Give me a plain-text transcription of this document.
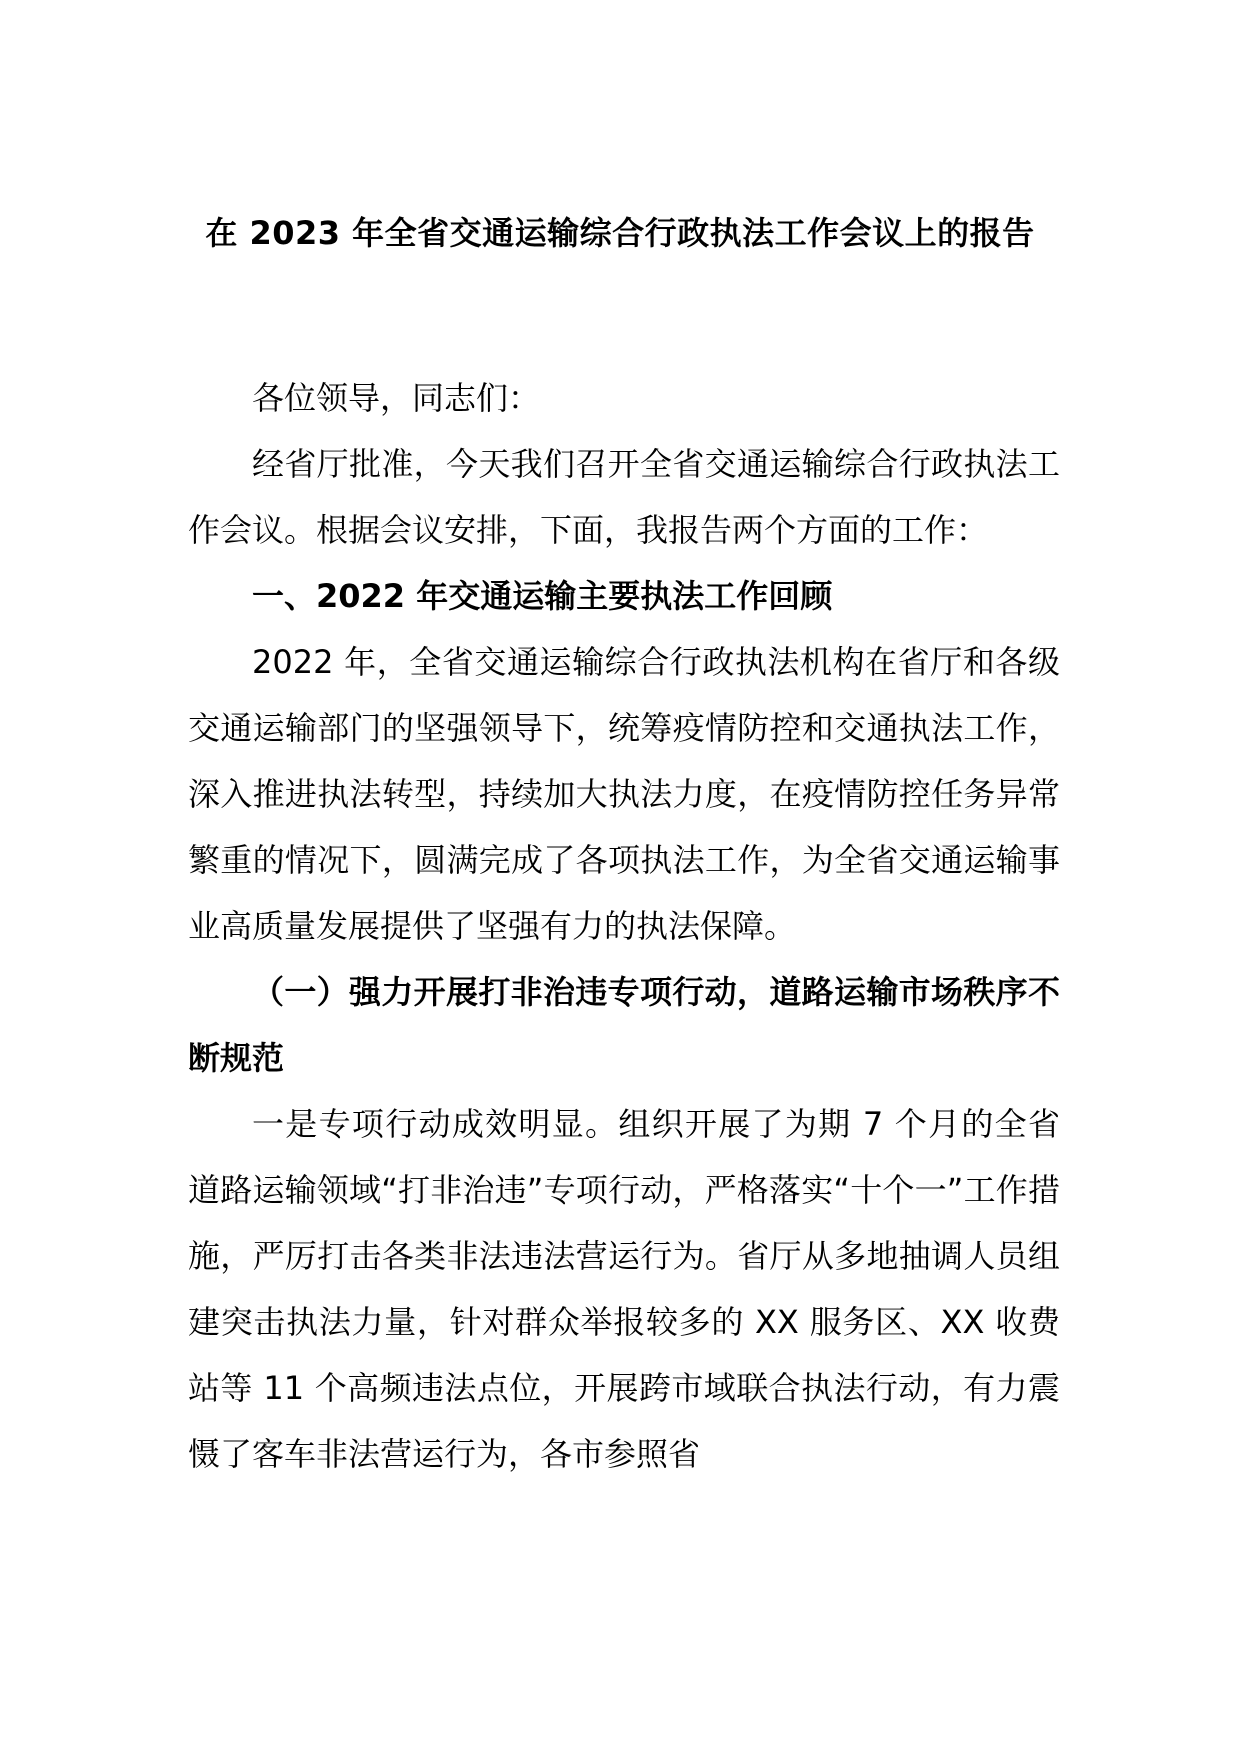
在 2023 年全省交通运输综合行政执法工作会议上的报告

各位领导，同志们：

经省厅批准，今天我们召开全省交通运输综合行政执法工作会议。根据会议安排，下面，我报告两个方面的工作：

一、2022 年交通运输主要执法工作回顾

2022 年，全省交通运输综合行政执法机构在省厅和各级交通运输部门的坚强领导下，统筹疫情防控和交通执法工作，深入推进执法转型，持续加大执法力度，在疫情防控任务异常繁重的情况下，圆满完成了各项执法工作，为全省交通运输事业高质量发展提供了坚强有力的执法保障。

（一）强力开展打非治违专项行动，道路运输市场秩序不断规范

一是专项行动成效明显。组织开展了为期 7 个月的全省道路运输领域“打非治违”专项行动，严格落实“十个一”工作措施，严厉打击各类非法违法营运行为。省厅从多地抽调人员组建突击执法力量，针对群众举报较多的 XX 服务区、XX 收费站等 11 个高频违法点位，开展跨市域联合执法行动，有力震慑了客车非法营运行为，各市参照省
